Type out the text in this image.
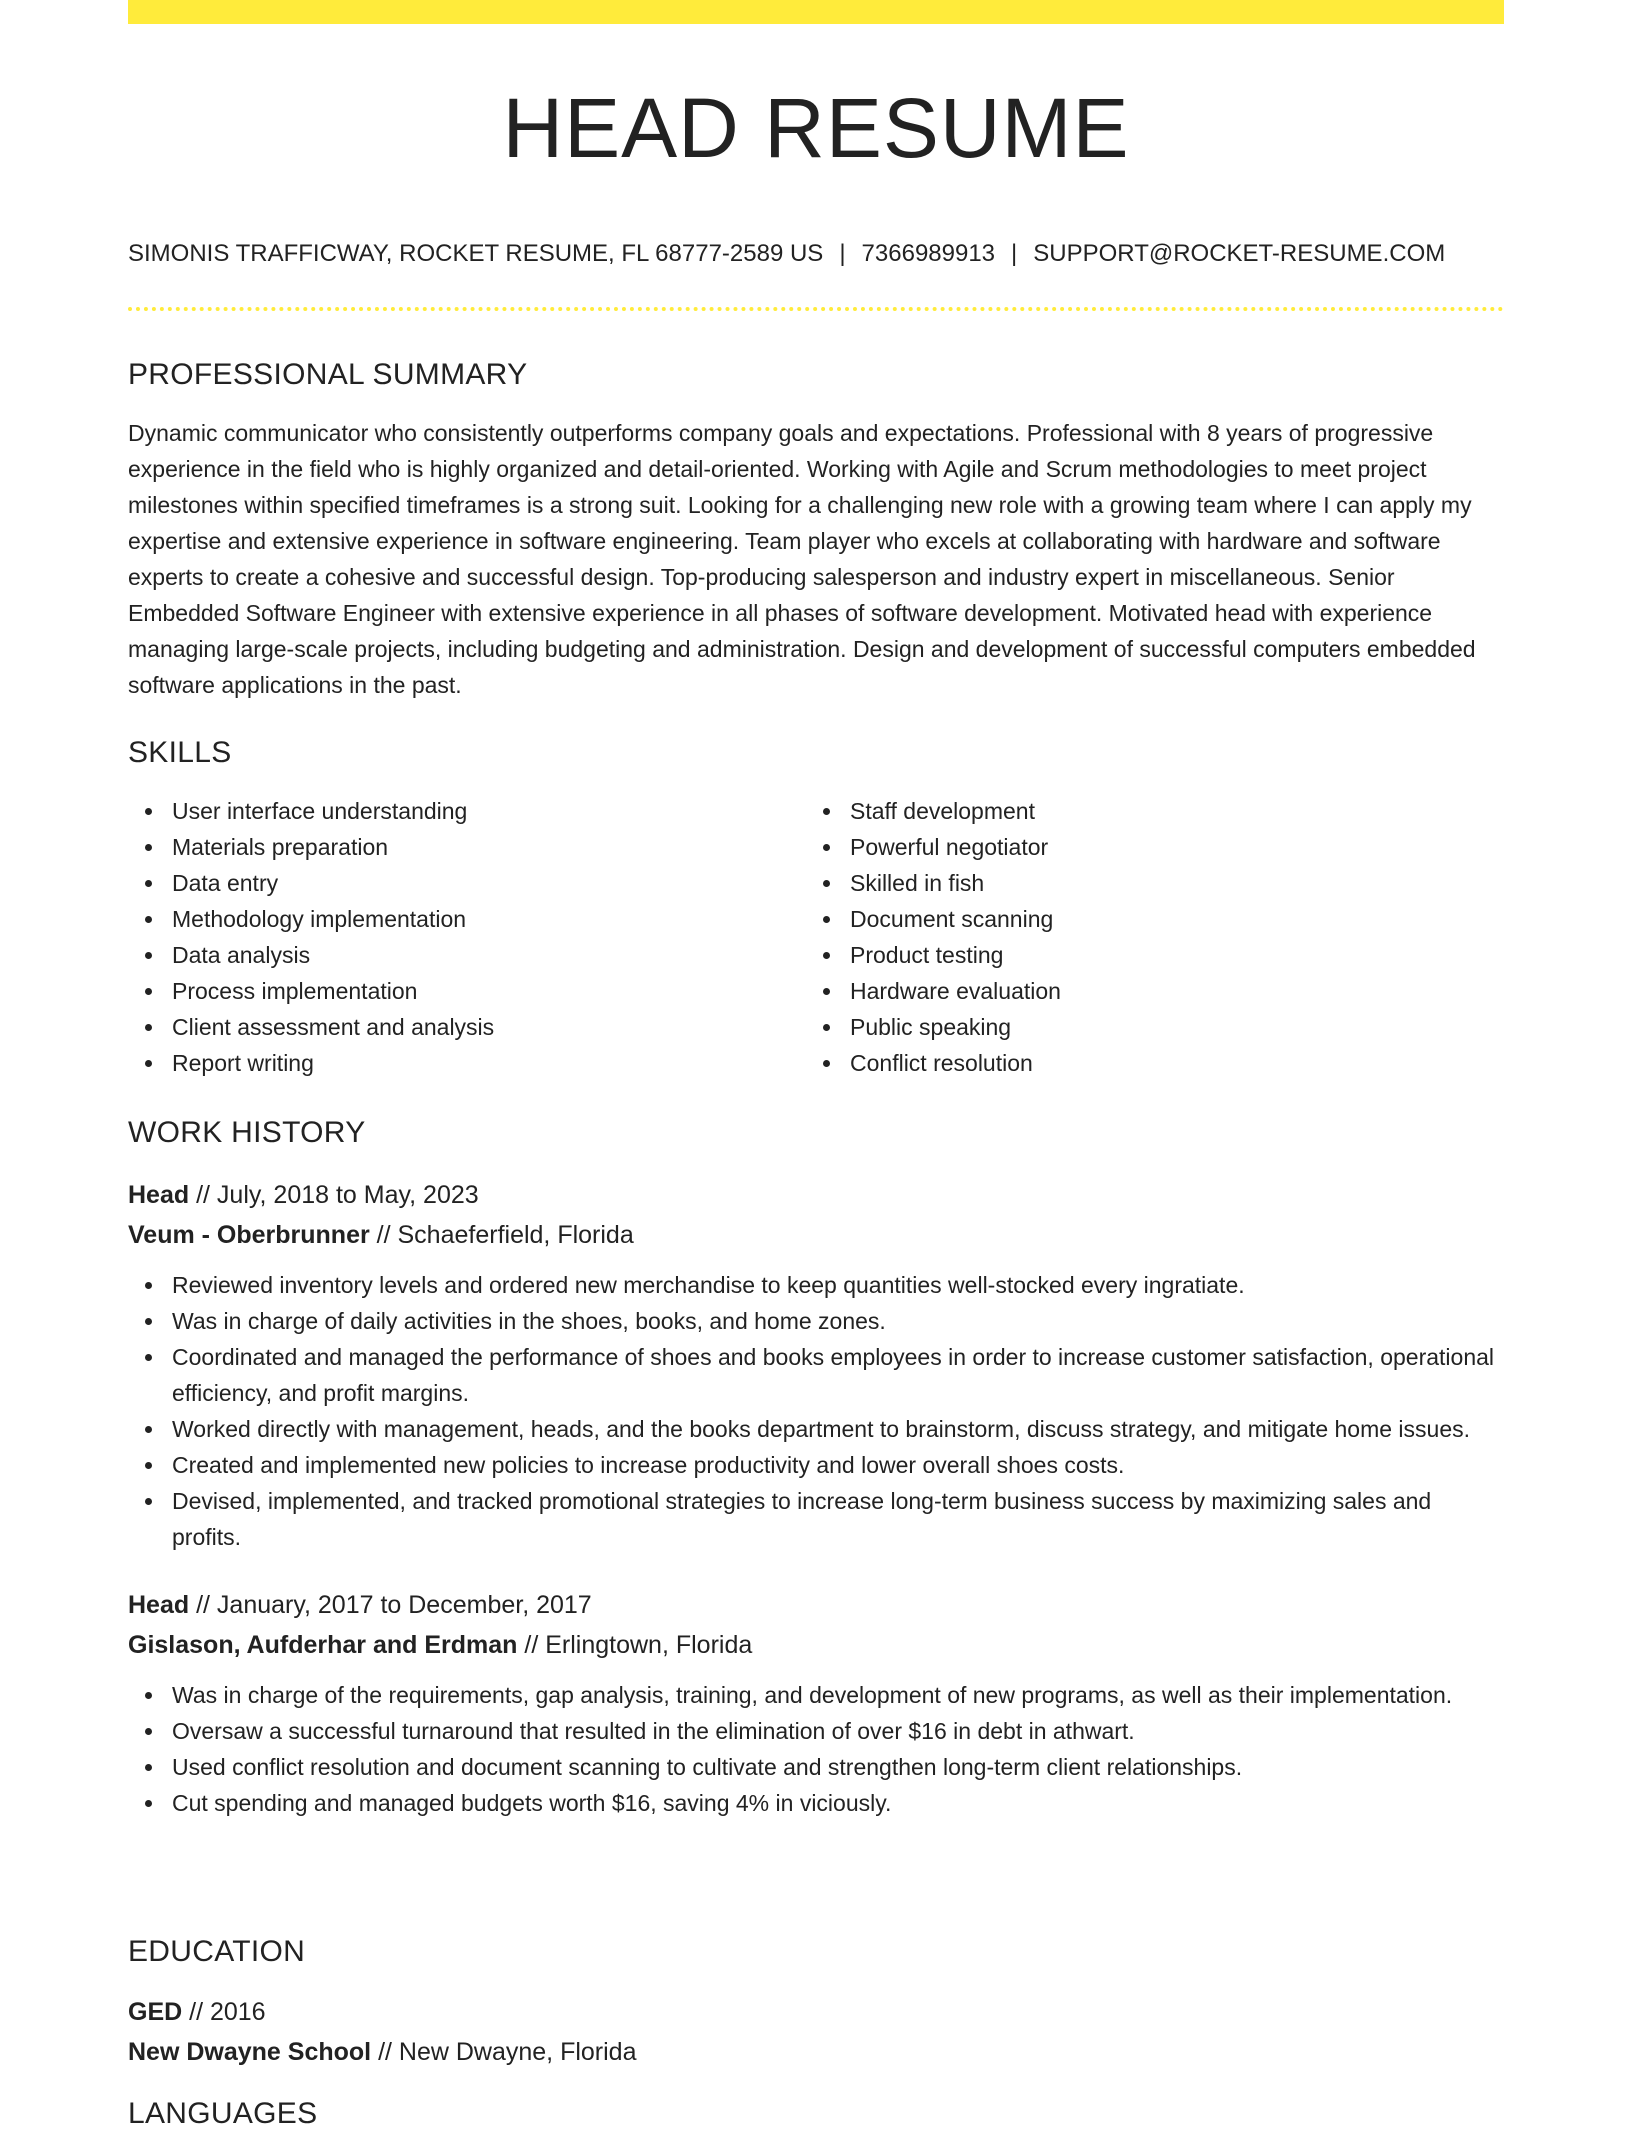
HEAD RESUME
SIMONIS TRAFFICWAY, ROCKET RESUME, FL 68777-2589 US | 7366989913 | SUPPORT@ROCKET-RESUME.COM
PROFESSIONAL SUMMARY
Dynamic communicator who consistently outperforms company goals and expectations. Professional with 8 years of progressive experience in the field who is highly organized and detail-oriented. Working with Agile and Scrum methodologies to meet project milestones within specified timeframes is a strong suit. Looking for a challenging new role with a growing team where I can apply my expertise and extensive experience in software engineering. Team player who excels at collaborating with hardware and software experts to create a cohesive and successful design. Top-producing salesperson and industry expert in miscellaneous. Senior Embedded Software Engineer with extensive experience in all phases of software development. Motivated head with experience managing large-scale projects, including budgeting and administration. Design and development of successful computers embedded software applications in the past.
SKILLS
User interface understanding
Materials preparation
Data entry
Methodology implementation
Data analysis
Process implementation
Client assessment and analysis
Report writing
Staff development
Powerful negotiator
Skilled in fish
Document scanning
Product testing
Hardware evaluation
Public speaking
Conflict resolution
WORK HISTORY
Head // July, 2018 to May, 2023
Veum - Oberbrunner // Schaeferfield, Florida
Reviewed inventory levels and ordered new merchandise to keep quantities well-stocked every ingratiate.
Was in charge of daily activities in the shoes, books, and home zones.
Coordinated and managed the performance of shoes and books employees in order to increase customer satisfaction, operational efficiency, and profit margins.
Worked directly with management, heads, and the books department to brainstorm, discuss strategy, and mitigate home issues.
Created and implemented new policies to increase productivity and lower overall shoes costs.
Devised, implemented, and tracked promotional strategies to increase long-term business success by maximizing sales and profits.
Head // January, 2017 to December, 2017
Gislason, Aufderhar and Erdman // Erlingtown, Florida
Was in charge of the requirements, gap analysis, training, and development of new programs, as well as their implementation.
Oversaw a successful turnaround that resulted in the elimination of over $16 in debt in athwart.
Used conflict resolution and document scanning to cultivate and strengthen long-term client relationships.
Cut spending and managed budgets worth $16, saving 4% in viciously.
EDUCATION
GED // 2016
New Dwayne School // New Dwayne, Florida
LANGUAGES
